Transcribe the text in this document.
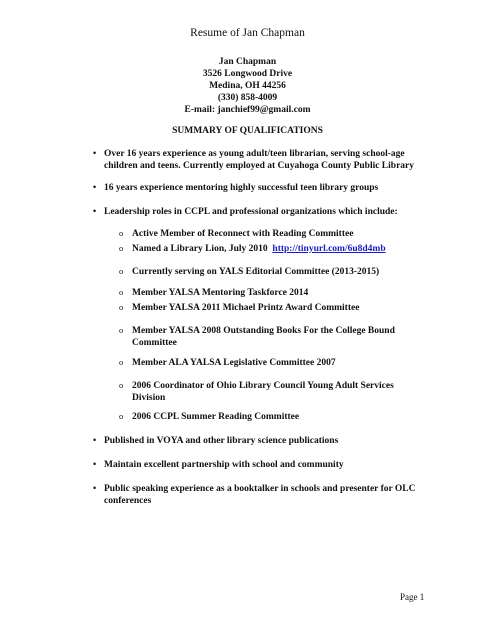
Resume of Jan Chapman
Jan Chapman
3526 Longwood Drive
Medina, OH 44256
(330) 858-4009
E-mail: janchief99@gmail.com
SUMMARY OF QUALIFICATIONS
• Over 16 years experience as young adult/teen librarian, serving school-age children and teens. Currently employed at Cuyahoga County Public Library
• 16 years experience mentoring highly successful teen library groups
• Leadership roles in CCPL and professional organizations which include:
o Active Member of Reconnect with Reading Committee
o Named a Library Lion, July 2010 http://tinyurl.com/6u8d4mb
o Currently serving on YALS Editorial Committee (2013-2015)
o Member YALSA Mentoring Taskforce 2014
o Member YALSA 2011 Michael Printz Award Committee
o Member YALSA 2008 Outstanding Books For the College Bound Committee
o Member ALA YALSA Legislative Committee 2007
o 2006 Coordinator of Ohio Library Council Young Adult Services Division
o 2006 CCPL Summer Reading Committee
• Published in VOYA and other library science publications
• Maintain excellent partnership with school and community
• Public speaking experience as a booktalker in schools and presenter for OLC conferences
Page 1
